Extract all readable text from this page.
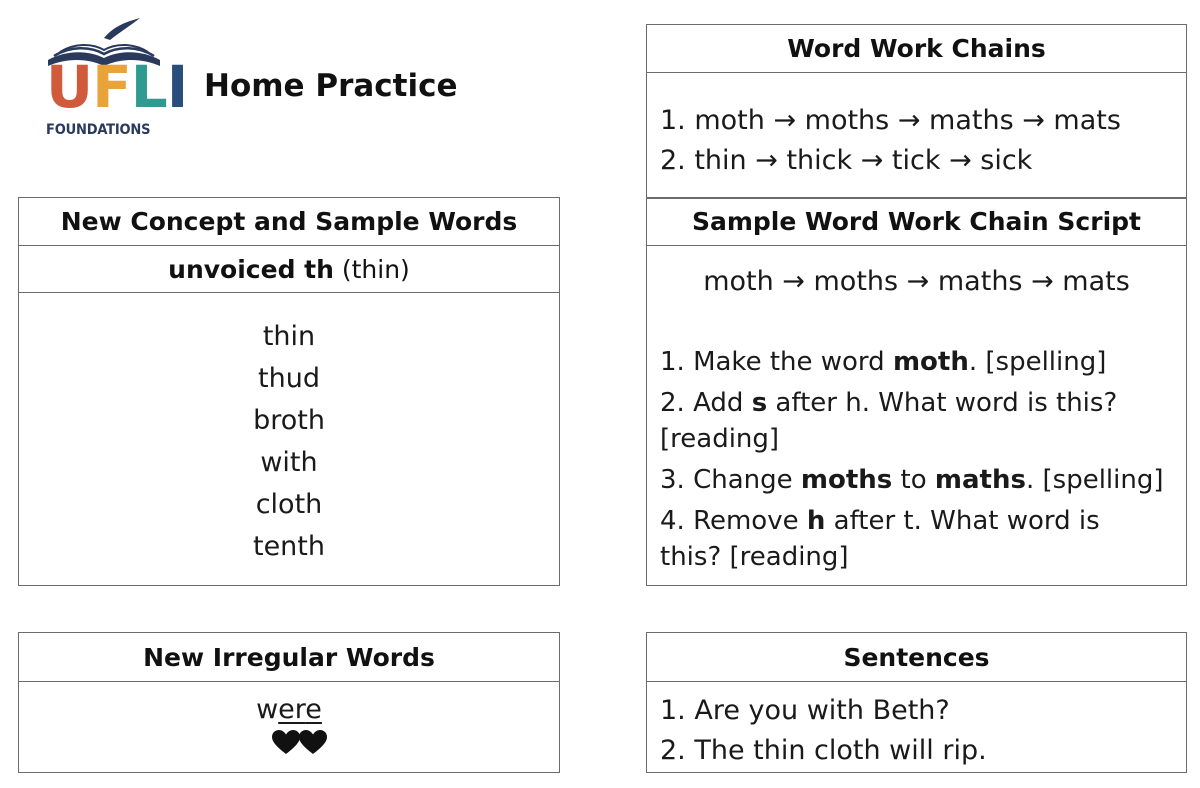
U F L I
FOUNDATIONS
Home Practice
New Concept and Sample Words
unvoiced th (thin)
thin
thud
broth
with
cloth
tenth
New Irregular Words
were
Word Work Chains
1. moth → moths → maths → mats
2. thin → thick → tick → sick
Sample Word Work Chain Script
moth → moths → maths → mats
1. Make the word moth. [spelling]
2. Add s after h. What word is this?
[reading]
3. Change moths to maths. [spelling]
4. Remove h after t. What word is
this? [reading]
Sentences
1. Are you with Beth?
2. The thin cloth will rip.
